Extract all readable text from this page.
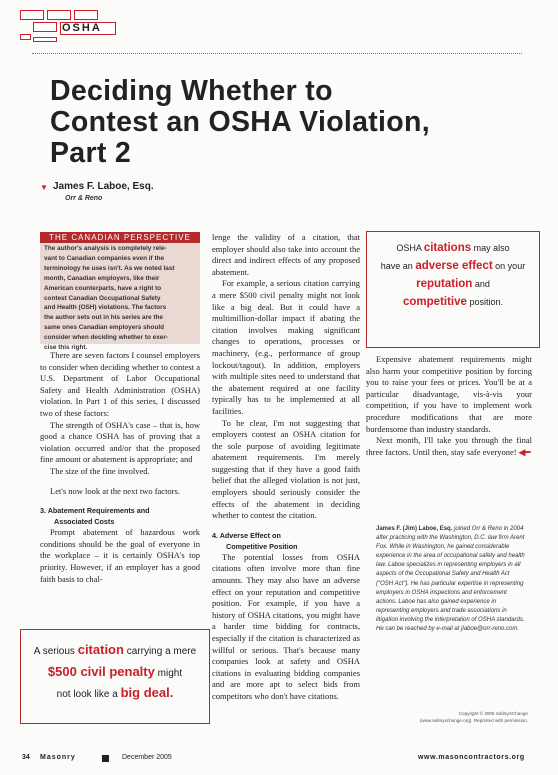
OSHA
Deciding Whether to
Contest an OSHA Violation,
Part 2
▼ James F. Laboe, Esq.
Orr & Reno
THE CANADIAN PERSPECTIVE
The author's analysis is completely rele-
vant to Canadian companies even if the
terminology he uses isn't. As we noted last
month, Canadian employers, like their
American counterparts, have a right to
contest Canadian Occupational Safety
and Health (OSH) violations. The factors
the author sets out in his series are the
same ones Canadian employers should
consider when deciding whether to exer-
cise this right.

There are seven factors I counsel employers to consider when deciding whether to contest a U.S. Department of Labor Occupational Safety and Health Administration (OSHA) violation. In Part 1 of this series, I discussed two of these factors:

The strength of OSHA's case – that is, how good a chance OSHA has of proving that a violation occurred and/or that the proposed fine amount or abatement is appropriate; and

The size of the fine involved.

Let's now look at the next two factors.

3. Abatement Requirements and
Associated Costs

Prompt abatement of hazardous work conditions should be the goal of everyone in the workplace – it is certainly OSHA's top priority. However, if an employer has a good faith basis to chal-

A serious citation carrying a mere
$500 civil penalty might
not look like a big deal.

lenge the validity of a citation, that employer should also take into account the direct and indirect effects of any proposed abatement.

For example, a serious citation carrying a mere $500 civil penalty might not look like a big deal. But it could have a multimillion-dollar impact if abating the citation involves making significant changes to operations, processes or machinery, (e.g., performance of group lockout/tagout). In addition, employers with multiple sites need to understand that the abatement required at one facility typically has to be implemented at all facilities.

To be clear, I'm not suggesting that employers contest an OSHA citation for the sole purpose of avoiding legitimate abatement requirements. I'm merely suggesting that if they have a good faith belief that the alleged violation is not just, employers should seriously consider the effects of the abatement in deciding whether to contest the citation.

4. Adverse Effect on
Competitive Position

The potential losses from OSHA citations often involve more than fine amounts. They may also have an adverse effect on your reputation and competitive position. For example, if you have a history of OSHA citations, you might have a harder time bidding for contracts, especially if the citation is characterized as willful or serious. That's because many companies look at safety and OSHA citations in evaluating bidding companies and are more apt to select bids from competitors who don't have citations.

OSHA citations may also
have an adverse effect on your
reputation and
competitive position.

Expensive abatement requirements might also harm your competitive position by forcing you to raise your fees or prices. You'll be at a particular disadvantage, vis-à-vis your competition, if you have to implement work procedure modifications that are more burdensome than industry standards.

Next month, I'll take you through the final three factors. Until then, stay safe everyone! ◀━

James F. (Jim) Laboe, Esq. joined Orr & Reno in 2004 after practicing with the Washington, D.C. law firm Arent Fox. While in Washington, he gained considerable experience in the area of occupational safety and health law. Laboe specializes in representing employers in all aspects of the Occupational Safety and Health Act ("OSH Act"). He has particular expertise in representing employers in OSHA inspections and enforcement actions. Laboe has also gained experience in representing employers and trade associations in litigation involving the interpretation of OSHA standards. He can be reached by e-mail at jlaboe@orr-reno.com.
Copyright © 2005 SafetyXChange
(www.safetyxchange.org). Reprinted with permission.
34 Masonry	December 2005	www.masoncontractors.org
